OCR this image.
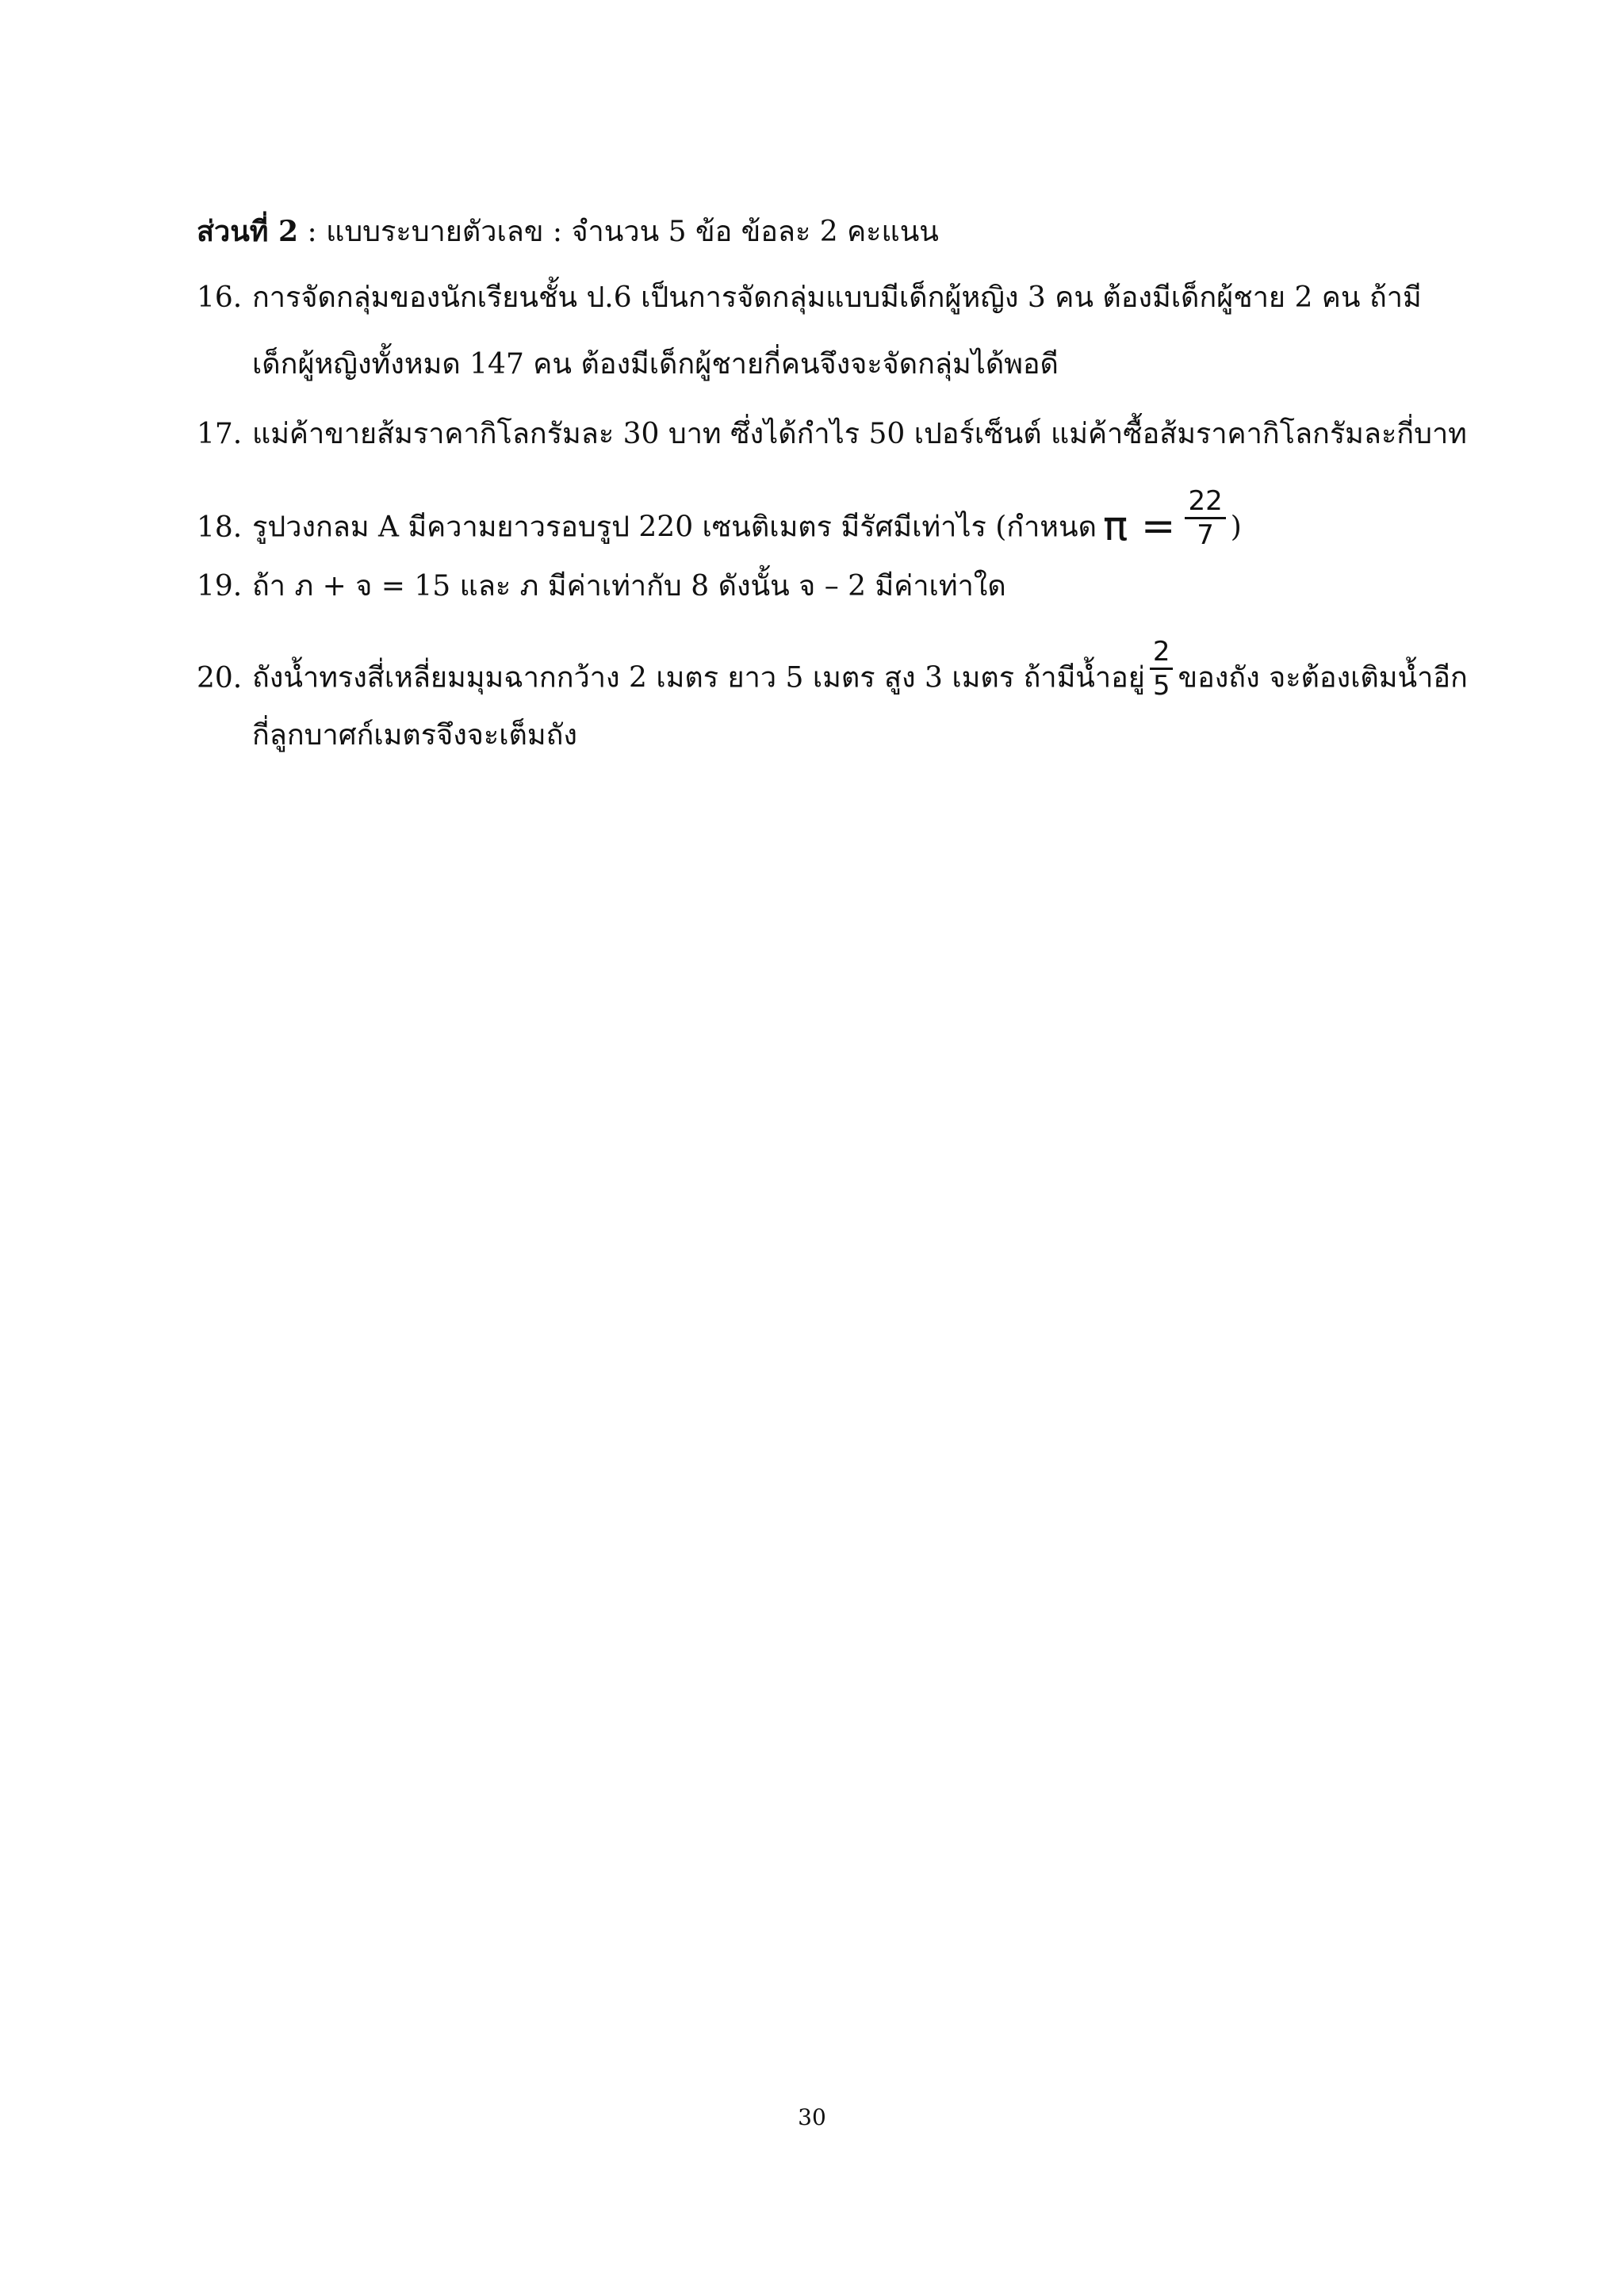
ส่วนที่ 2 : แบบระบายตัวเลข : จำนวน 5 ข้อ ข้อละ 2 คะแนน
16. การจัดกลุ่มของนักเรียนชั้น ป.6 เป็นการจัดกลุ่มแบบมีเด็กผู้หญิง 3 คน ต้องมีเด็กผู้ชาย 2 คน ถ้ามี
เด็กผู้หญิงทั้งหมด 147 คน ต้องมีเด็กผู้ชายกี่คนจึงจะจัดกลุ่มได้พอดี
17. แม่ค้าขายส้มราคากิโลกรัมละ 30 บาท ซึ่งได้กำไร 50 เปอร์เซ็นต์ แม่ค้าซื้อส้มราคากิโลกรัมละกี่บาท
18. รูปวงกลม A มีความยาวรอบรูป 220 เซนติเมตร มีรัศมีเท่าไร (กำหนด $\pi = \frac{22}{7}$ )
19. ถ้า ภ + จ = 15 และ ภ มีค่าเท่ากับ 8 ดังนั้น จ – 2 มีค่าเท่าใด
20. ถังน้ำทรงสี่เหลี่ยมมุมฉากกว้าง 2 เมตร ยาว 5 เมตร สูง 3 เมตร ถ้ามีน้ำอยู่ $\frac{2}{5}$ ของถัง จะต้องเติมน้ำอีก
กี่ลูกบาศก์เมตรจึงจะเต็มถัง
30
